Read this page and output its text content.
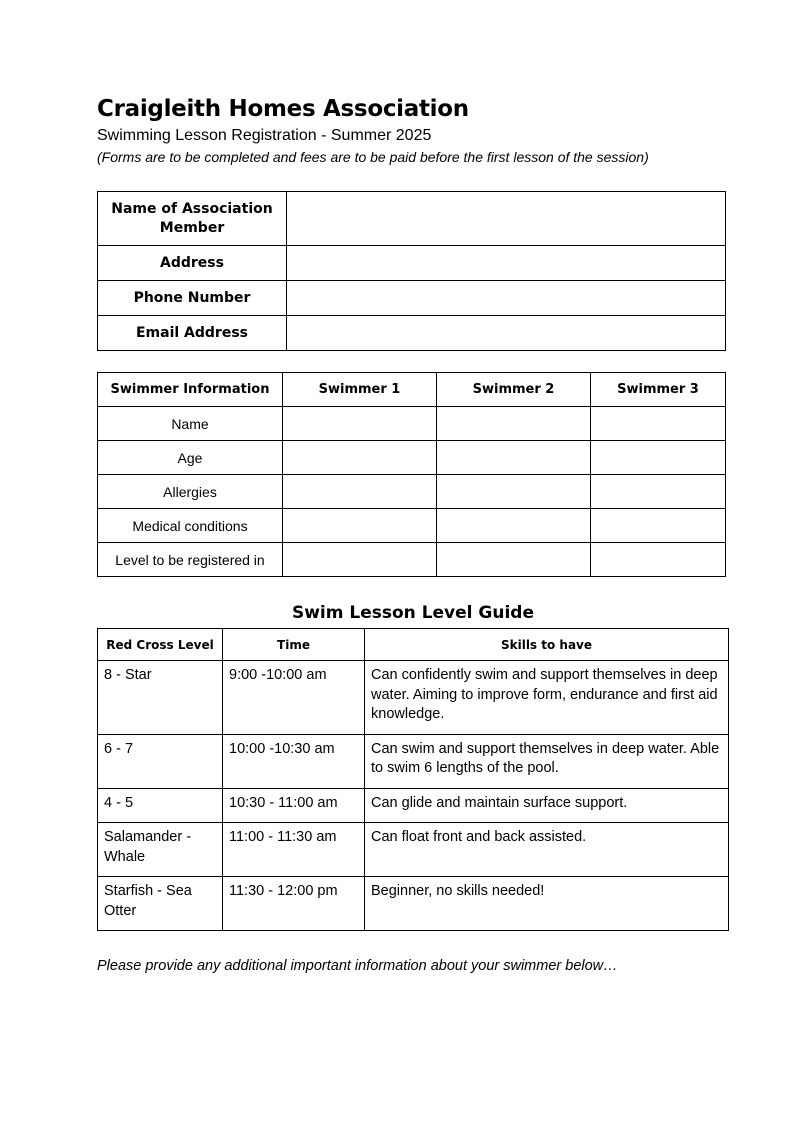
Craigleith Homes Association

Swimming Lesson Registration - Summer 2025

(Forms are to be completed and fees are to be paid before the first lesson of the session)

Name of Association Member	
Address	
Phone Number	
Email Address	
Swimmer Information	Swimmer 1	Swimmer 2	Swimmer 3
Name			
Age			
Allergies			
Medical conditions			
Level to be registered in			
Swim Lesson Level Guide
Red Cross Level	Time	Skills to have
8 - Star	9:00 -10:00 am	Can confidently swim and support themselves in deep water. Aiming to improve form, endurance and first aid knowledge.
6 - 7	10:00 -10:30 am	Can swim and support themselves in deep water. Able to swim 6 lengths of the pool.
4 - 5	10:30 - 11:00 am	Can glide and maintain surface support.
Salamander - Whale	11:00 - 11:30 am	Can float front and back assisted.
Starfish - Sea Otter	11:30 - 12:00 pm	Beginner, no skills needed!
Please provide any additional important information about your swimmer below…
